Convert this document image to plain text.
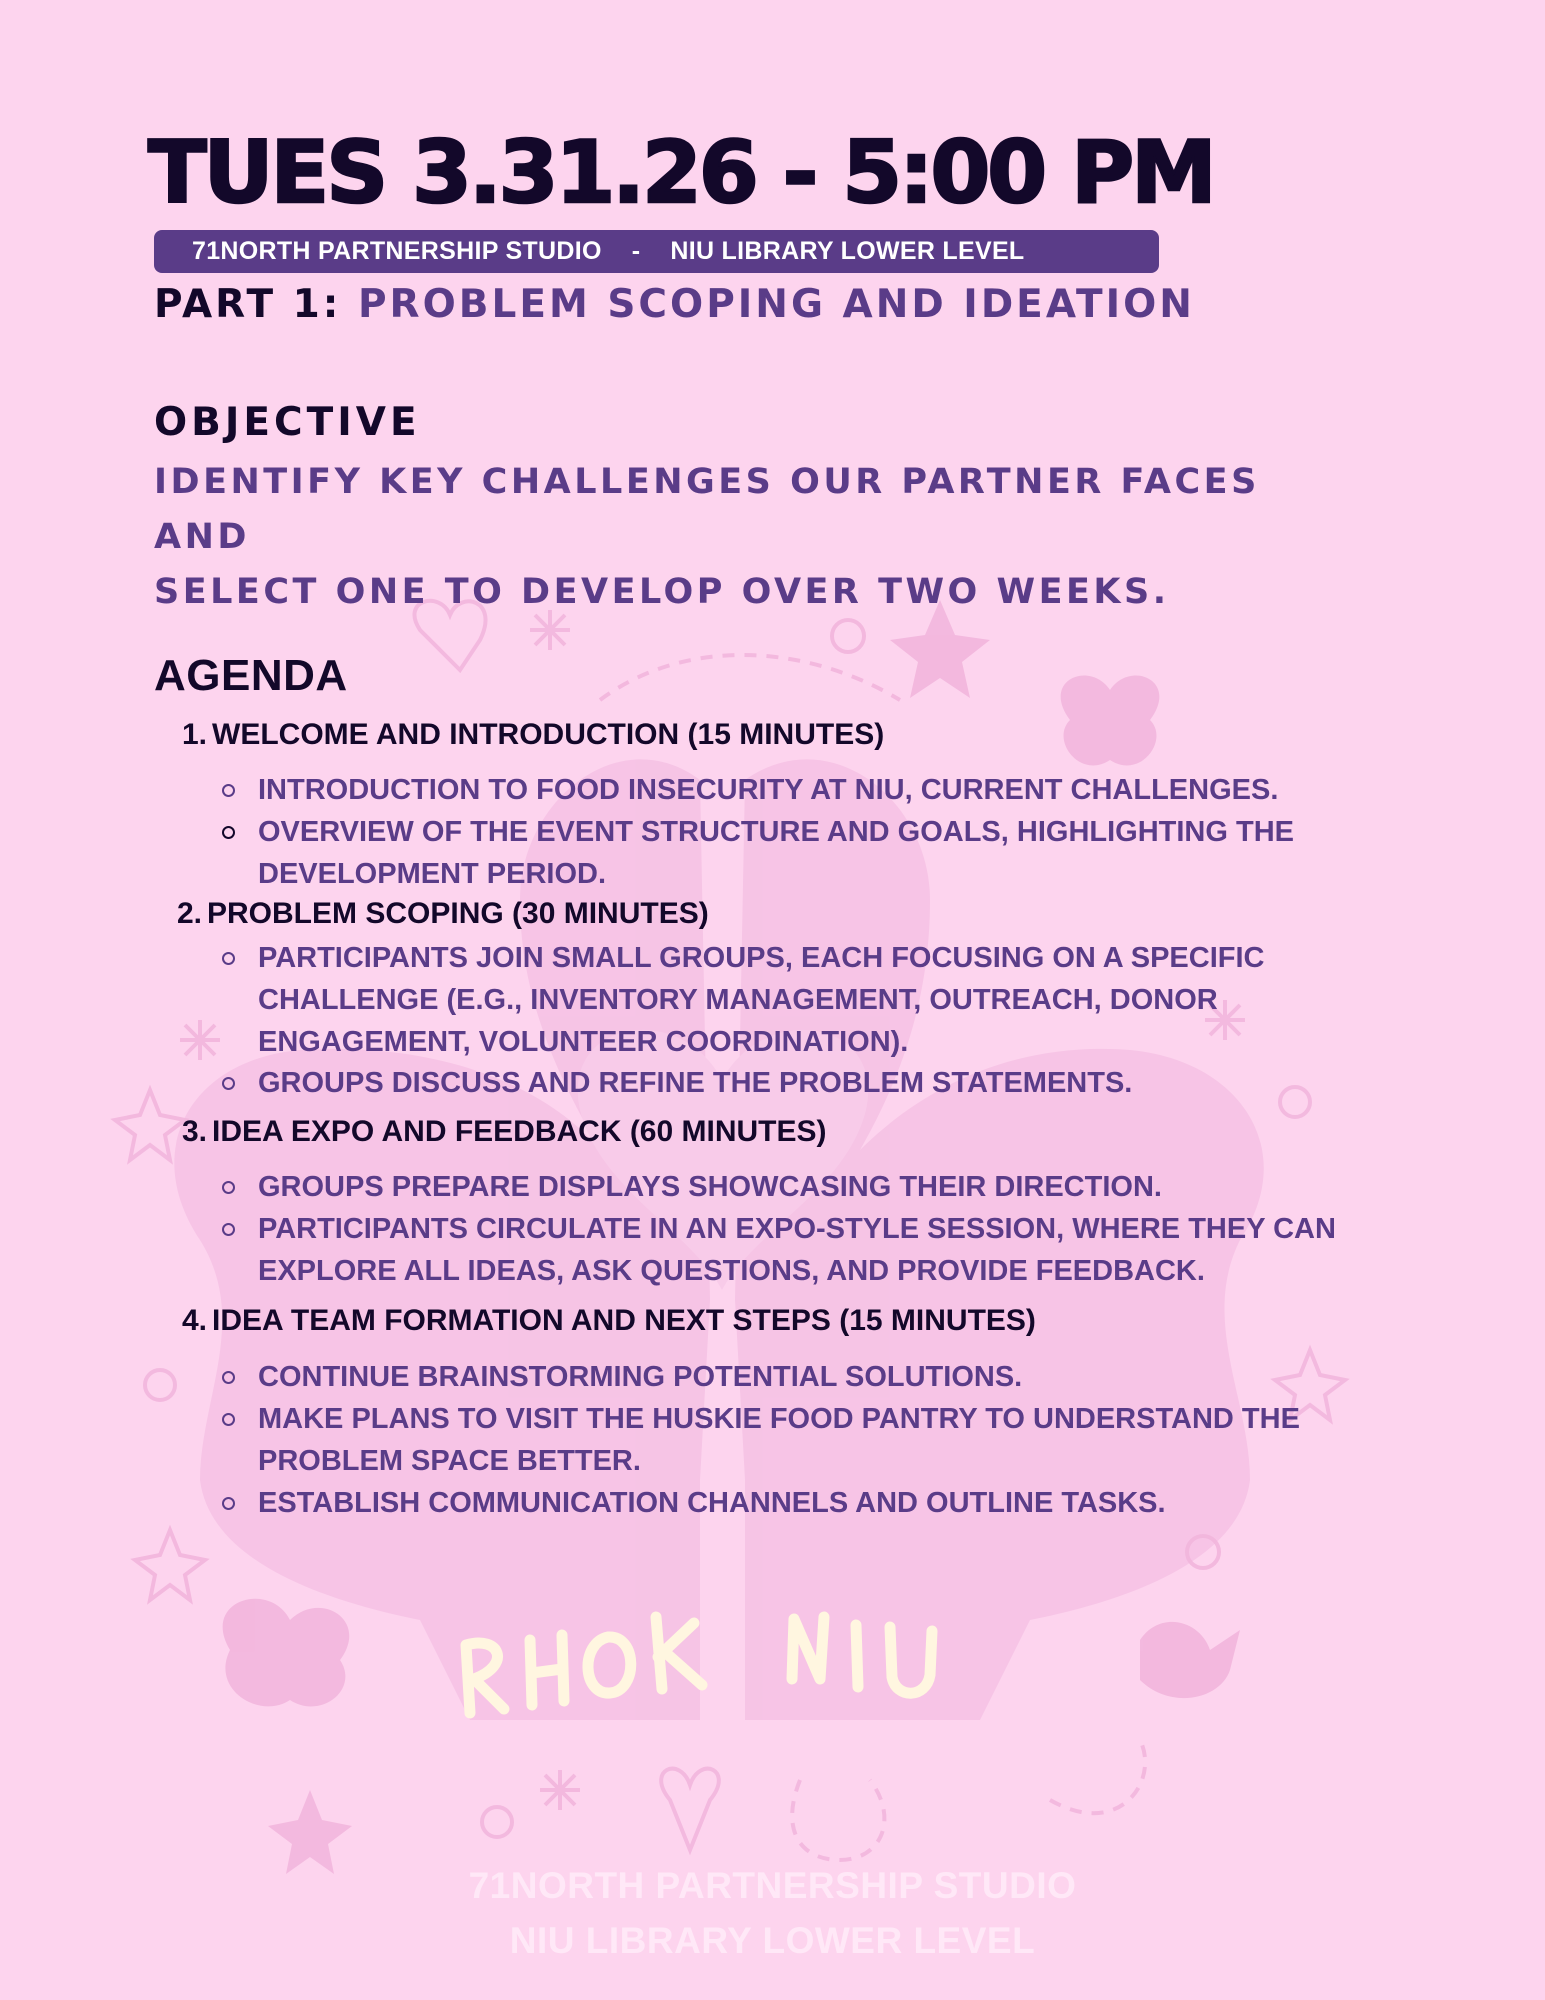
TUES 3.31.26 - 5:00 PM
71NORTH PARTNERSHIP STUDIO - NIU LIBRARY LOWER LEVEL
PART 1: PROBLEM SCOPING AND IDEATION
OBJECTIVE
IDENTIFY KEY CHALLENGES OUR PARTNER FACES AND
SELECT ONE TO DEVELOP OVER TWO WEEKS.
AGENDA
1. WELCOME AND INTRODUCTION (15 MINUTES)
INTRODUCTION TO FOOD INSECURITY AT NIU, CURRENT CHALLENGES.
OVERVIEW OF THE EVENT STRUCTURE AND GOALS, HIGHLIGHTING THE DEVELOPMENT PERIOD.
2. PROBLEM SCOPING (30 MINUTES)
PARTICIPANTS JOIN SMALL GROUPS, EACH FOCUSING ON A SPECIFIC CHALLENGE (E.G., INVENTORY MANAGEMENT, OUTREACH, DONOR ENGAGEMENT, VOLUNTEER COORDINATION).
GROUPS DISCUSS AND REFINE THE PROBLEM STATEMENTS.
3. IDEA EXPO AND FEEDBACK (60 MINUTES)
GROUPS PREPARE DISPLAYS SHOWCASING THEIR DIRECTION.
PARTICIPANTS CIRCULATE IN AN EXPO-STYLE SESSION, WHERE THEY CAN EXPLORE ALL IDEAS, ASK QUESTIONS, AND PROVIDE FEEDBACK.
4. IDEA TEAM FORMATION AND NEXT STEPS (15 MINUTES)
CONTINUE BRAINSTORMING POTENTIAL SOLUTIONS.
MAKE PLANS TO VISIT THE HUSKIE FOOD PANTRY TO UNDERSTAND THE PROBLEM SPACE BETTER.
ESTABLISH COMMUNICATION CHANNELS AND OUTLINE TASKS.
71NORTH PARTNERSHIP STUDIO
NIU LIBRARY LOWER LEVEL
